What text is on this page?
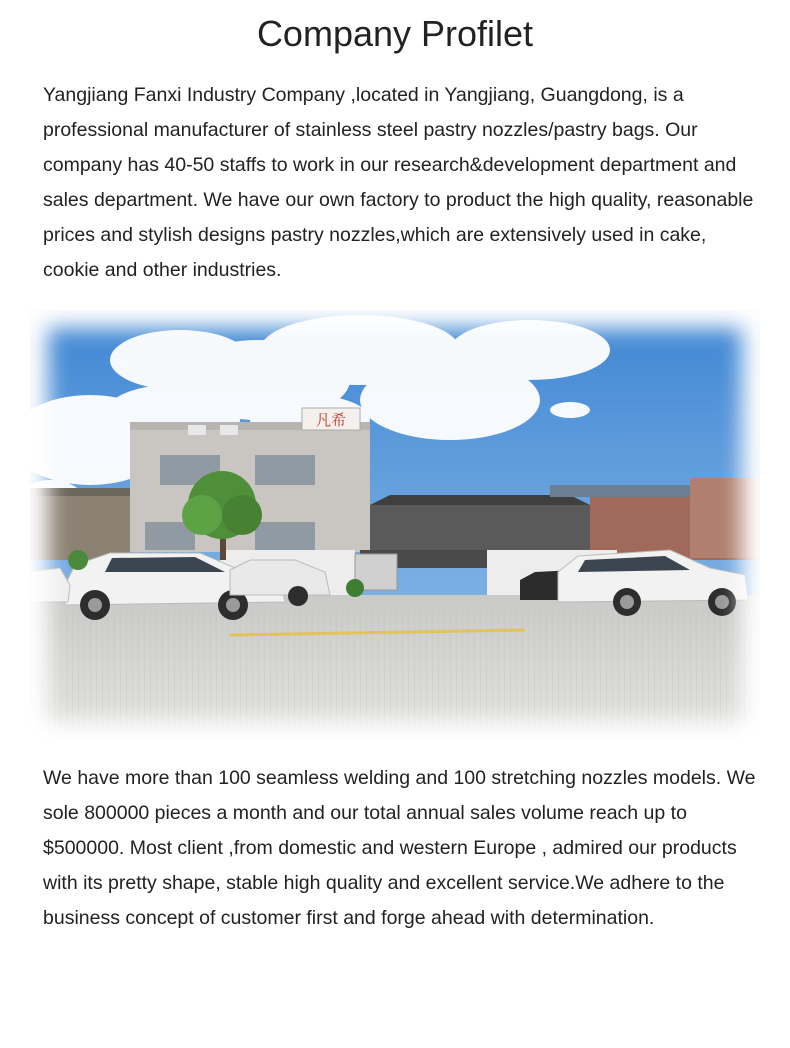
Company Profilet

Yangjiang Fanxi Industry Company ,located in Yangjiang, Guangdong, is a professional manufacturer of stainless steel pastry nozzles/pastry bags. Our company has 40-50 staffs to work in our research&development department and sales department. We have our own factory to product the high quality, reasonable prices and stylish designs pastry nozzles,which are extensively used in cake, cookie and other industries.

凡希

We have more than 100 seamless welding and 100 stretching nozzles models. We sole 800000 pieces a month and our total annual sales volume reach up to $500000. Most client ,from domestic and western Europe , admired our products with its pretty shape, stable high quality and excellent service.We adhere to the business concept of customer first and forge ahead with determination.
